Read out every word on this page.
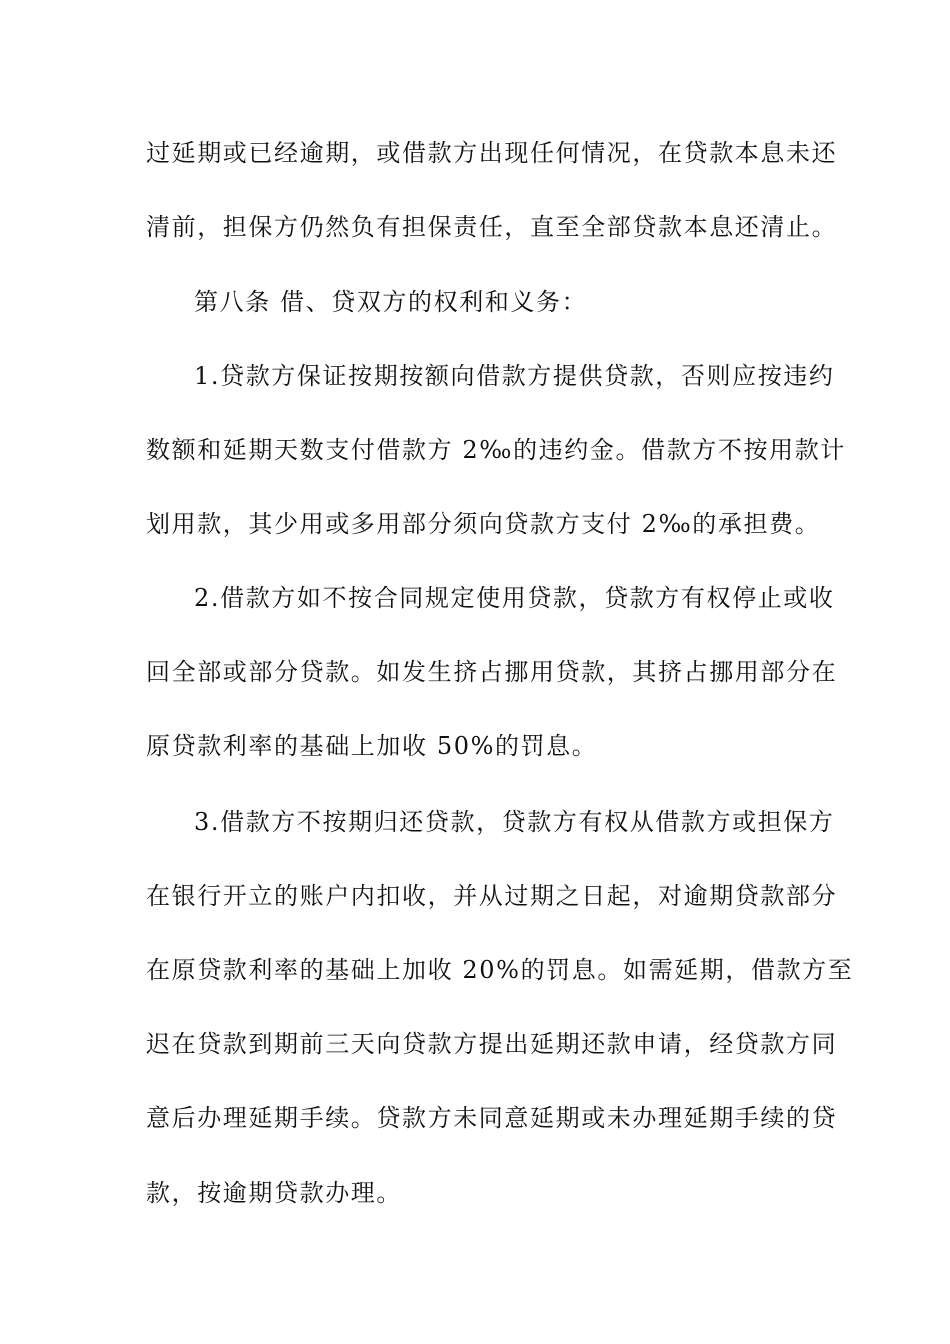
过延期或已经逾期，或借款方出现任何情况，在贷款本息未还
清前，担保方仍然负有担保责任，直至全部贷款本息还清止。
第八条 借、贷双方的权利和义务：
1.贷款方保证按期按额向借款方提供贷款，否则应按违约
数额和延期天数支付借款方 2‰的违约金。借款方不按用款计
划用款，其少用或多用部分须向贷款方支付 2‰的承担费。
2.借款方如不按合同规定使用贷款，贷款方有权停止或收
回全部或部分贷款。如发生挤占挪用贷款，其挤占挪用部分在
原贷款利率的基础上加收 50%的罚息。
3.借款方不按期归还贷款，贷款方有权从借款方或担保方
在银行开立的账户内扣收，并从过期之日起，对逾期贷款部分
在原贷款利率的基础上加收 20%的罚息。如需延期，借款方至
迟在贷款到期前三天向贷款方提出延期还款申请，经贷款方同
意后办理延期手续。贷款方未同意延期或未办理延期手续的贷
款，按逾期贷款办理。
